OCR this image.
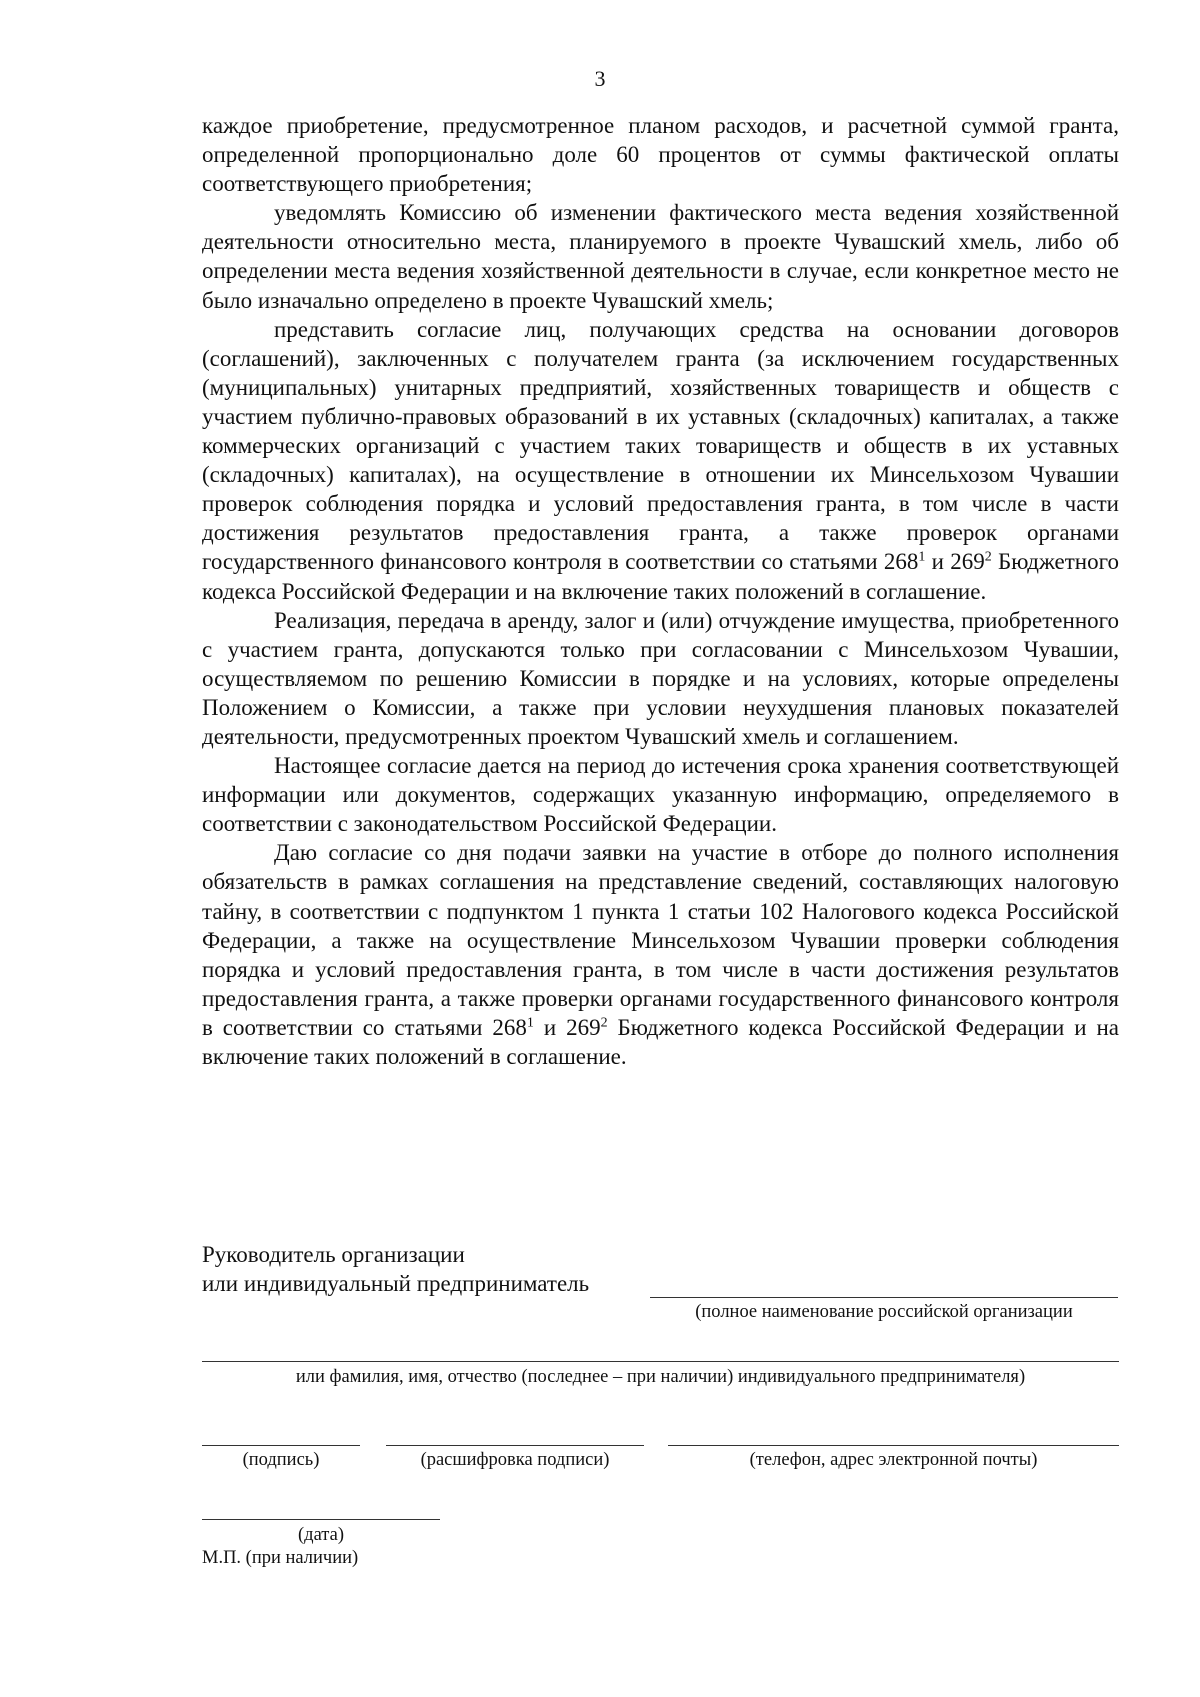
3

каждое приобретение, предусмотренное планом расходов, и расчетной суммой гранта, определенной пропорционально доле 60 процентов от суммы фактической оплаты соответствующего приобретения;

уведомлять Комиссию об изменении фактического места ведения хозяйственной деятельности относительно места, планируемого в проекте Чувашский хмель, либо об определении места ведения хозяйственной деятельности в случае, если конкретное место не было изначально определено в проекте Чувашский хмель;

представить согласие лиц, получающих средства на основании договоров (соглашений), заключенных с получателем гранта (за исключением государственных (муниципальных) унитарных предприятий, хозяйственных товариществ и обществ с участием публично-правовых образований в их уставных (складочных) капиталах, а также коммерческих организаций с участием таких товариществ и обществ в их уставных (складочных) капиталах), на осуществление в отношении их Минсельхозом Чувашии проверок соблюдения порядка и условий предоставления гранта, в том числе в части достижения результатов предоставления гранта, а также проверок органами государственного финансового контроля в соответствии со статьями $268^1$ и $269^2$ Бюджетного кодекса Российской Федерации и на включение таких положений в соглашение.

Реализация, передача в аренду, залог и (или) отчуждение имущества, приобретенного с участием гранта, допускаются только при согласовании с Минсельхозом Чувашии, осуществляемом по решению Комиссии в порядке и на условиях, которые определены Положением о Комиссии, а также при условии неухудшения плановых показателей деятельности, предусмотренных проектом Чувашский хмель и соглашением.

Настоящее согласие дается на период до истечения срока хранения соответствующей информации или документов, содержащих указанную информацию, определяемого в соответствии с законодательством Российской Федерации.

Даю согласие со дня подачи заявки на участие в отборе до полного исполнения обязательств в рамках соглашения на представление сведений, составляющих налоговую тайну, в соответствии с подпунктом 1 пункта 1 статьи 102 Налогового кодекса Российской Федерации, а также на осуществление Минсельхозом Чувашии проверки соблюдения порядка и условий предоставления гранта, в том числе в части достижения результатов предоставления гранта, а также проверки органами государственного финансового контроля в соответствии со статьями $268^1$ и $269^2$ Бюджетного кодекса Российской Федерации и на включение таких положений в соглашение.

Руководитель организации
или индивидуальный предприниматель
(полное наименование российской организации
или фамилия, имя, отчество (последнее – при наличии) индивидуального предпринимателя)
(подпись)	(расшифровка подписи)	(телефон, адрес электронной почты)
(дата)
М.П. (при наличии)
